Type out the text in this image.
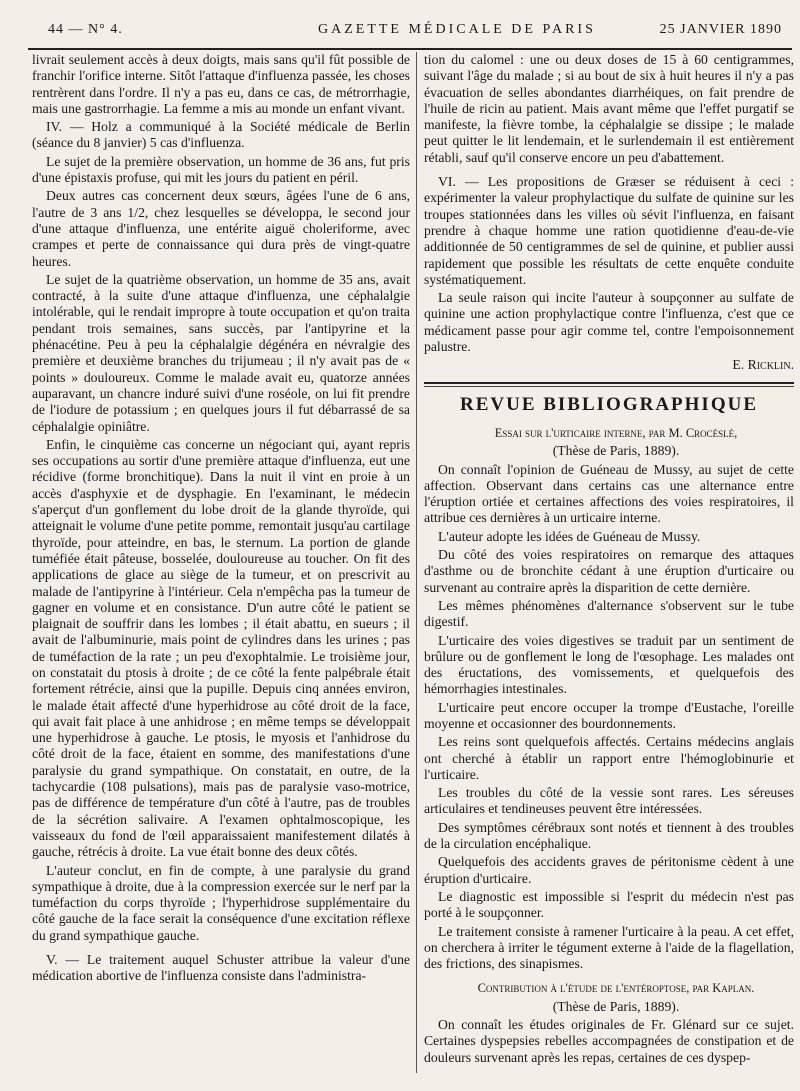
44 — N° 4.	GAZETTE MÉDICALE DE PARIS	25 JANVIER 1890

livrait seulement accès à deux doigts, mais sans qu'il fût possible de franchir l'orifice interne. Sitôt l'attaque d'influenza passée, les choses rentrèrent dans l'ordre. Il n'y a pas eu, dans ce cas, de métrorrhagie, mais une gastrorrhagie. La femme a mis au monde un enfant vivant.

IV. — Holz a communiqué à la Société médicale de Berlin (séance du 8 janvier) 5 cas d'influenza.

Le sujet de la première observation, un homme de 36 ans, fut pris d'une épistaxis profuse, qui mit les jours du patient en péril.

Deux autres cas concernent deux sœurs, âgées l'une de 6 ans, l'autre de 3 ans 1/2, chez lesquelles se développa, le second jour d'une attaque d'influenza, une entérite aiguë choleriforme, avec crampes et perte de connaissance qui dura près de vingt-quatre heures.

Le sujet de la quatrième observation, un homme de 35 ans, avait contracté, à la suite d'une attaque d'influenza, une céphalalgie intolérable, qui le rendait impropre à toute occupation et qu'on traita pendant trois semaines, sans succès, par l'antipyrine et la phénacétine. Peu à peu la céphalalgie dégénéra en névralgie des première et deuxième branches du trijumeau ; il n'y avait pas de « points » douloureux. Comme le malade avait eu, quatorze années auparavant, un chancre induré suivi d'une roséole, on lui fit prendre de l'iodure de potassium ; en quelques jours il fut débarrassé de sa céphalalgie opiniâtre.

Enfin, le cinquième cas concerne un négociant qui, ayant repris ses occupations au sortir d'une première attaque d'influenza, eut une récidive (forme bronchitique). Dans la nuit il vint en proie à un accès d'asphyxie et de dysphagie. En l'examinant, le médecin s'aperçut d'un gonflement du lobe droit de la glande thyroïde, qui atteignait le volume d'une petite pomme, remontait jusqu'au cartilage thyroïde, pour atteindre, en bas, le sternum. La portion de glande tuméfiée était pâteuse, bosselée, douloureuse au toucher. On fit des applications de glace au siège de la tumeur, et on prescrivit au malade de l'antipyrine à l'intérieur. Cela n'empêcha pas la tumeur de gagner en volume et en consistance. D'un autre côté le patient se plaignait de souffrir dans les lombes ; il était abattu, en sueurs ; il avait de l'albuminurie, mais point de cylindres dans les urines ; pas de tuméfaction de la rate ; un peu d'exophtalmie. Le troisième jour, on constatait du ptosis à droite ; de ce côté la fente palpébrale était fortement rétrécie, ainsi que la pupille. Depuis cinq années environ, le malade était affecté d'une hyperhidrose au côté droit de la face, qui avait fait place à une anhidrose ; en même temps se développait une hyperhidrose à gauche. Le ptosis, le myosis et l'anhidrose du côté droit de la face, étaient en somme, des manifestations d'une paralysie du grand sympathique. On constatait, en outre, de la tachycardie (108 pulsations), mais pas de paralysie vaso-motrice, pas de différence de température d'un côté à l'autre, pas de troubles de la sécrétion salivaire. A l'examen ophtalmoscopique, les vaisseaux du fond de l'œil apparaissaient manifestement dilatés à gauche, rétrécis à droite. La vue était bonne des deux côtés.

L'auteur conclut, en fin de compte, à une paralysie du grand sympathique à droite, due à la compression exercée sur le nerf par la tuméfaction du corps thyroïde ; l'hyperhidrose supplémentaire du côté gauche de la face serait la conséquence d'une excitation réflexe du grand sympathique gauche.

V. — Le traitement auquel Schuster attribue la valeur d'une médication abortive de l'influenza consiste dans l'administra-

tion du calomel : une ou deux doses de 15 à 60 centigrammes, suivant l'âge du malade ; si au bout de six à huit heures il n'y a pas évacuation de selles abondantes diarrhéiques, on fait prendre de l'huile de ricin au patient. Mais avant même que l'effet purgatif se manifeste, la fièvre tombe, la céphalalgie se dissipe ; le malade peut quitter le lit lendemain, et le surlendemain il est entièrement rétabli, sauf qu'il conserve encore un peu d'abattement.

VI. — Les propositions de Græser se réduisent à ceci : expérimenter la valeur prophylactique du sulfate de quinine sur les troupes stationnées dans les villes où sévit l'influenza, en faisant prendre à chaque homme une ration quotidienne d'eau-de-vie additionnée de 50 centigrammes de sel de quinine, et publier aussi rapidement que possible les résultats de cette enquête conduite systématiquement.

La seule raison qui incite l'auteur à soupçonner au sulfate de quinine une action prophylactique contre l'influenza, c'est que ce médicament passe pour agir comme tel, contre l'empoisonnement palustre.

E. Ricklin.

REVUE BIBLIOGRAPHIQUE

Essai sur l'urticaire interne, par M. Crocéslé,

(Thèse de Paris, 1889).

On connaît l'opinion de Guéneau de Mussy, au sujet de cette affection. Observant dans certains cas une alternance entre l'éruption ortiée et certaines affections des voies respiratoires, il attribue ces dernières à un urticaire interne.

L'auteur adopte les idées de Guéneau de Mussy.

Du côté des voies respiratoires on remarque des attaques d'asthme ou de bronchite cédant à une éruption d'urticaire ou survenant au contraire après la disparition de cette dernière.

Les mêmes phénomènes d'alternance s'observent sur le tube digestif.

L'urticaire des voies digestives se traduit par un sentiment de brûlure ou de gonflement le long de l'œsophage. Les malades ont des éructations, des vomissements, et quelquefois des hémorrhagies intestinales.

L'urticaire peut encore occuper la trompe d'Eustache, l'oreille moyenne et occasionner des bourdonnements.

Les reins sont quelquefois affectés. Certains médecins anglais ont cherché à établir un rapport entre l'hémoglobinurie et l'urticaire.

Les troubles du côté de la vessie sont rares. Les séreuses articulaires et tendineuses peuvent être intéressées.

Des symptômes cérébraux sont notés et tiennent à des troubles de la circulation encéphalique.

Quelquefois des accidents graves de péritonisme cèdent à une éruption d'urticaire.

Le diagnostic est impossible si l'esprit du médecin n'est pas porté à le soupçonner.

Le traitement consiste à ramener l'urticaire à la peau. A cet effet, on cherchera à irriter le tégument externe à l'aide de la flagellation, des frictions, des sinapismes.

Contribution à l'étude de l'entéroptose, par Kaplan.

(Thèse de Paris, 1889).

On connaît les études originales de Fr. Glénard sur ce sujet. Certaines dyspepsies rebelles accompagnées de constipation et de douleurs survenant après les repas, certaines de ces dyspep-
